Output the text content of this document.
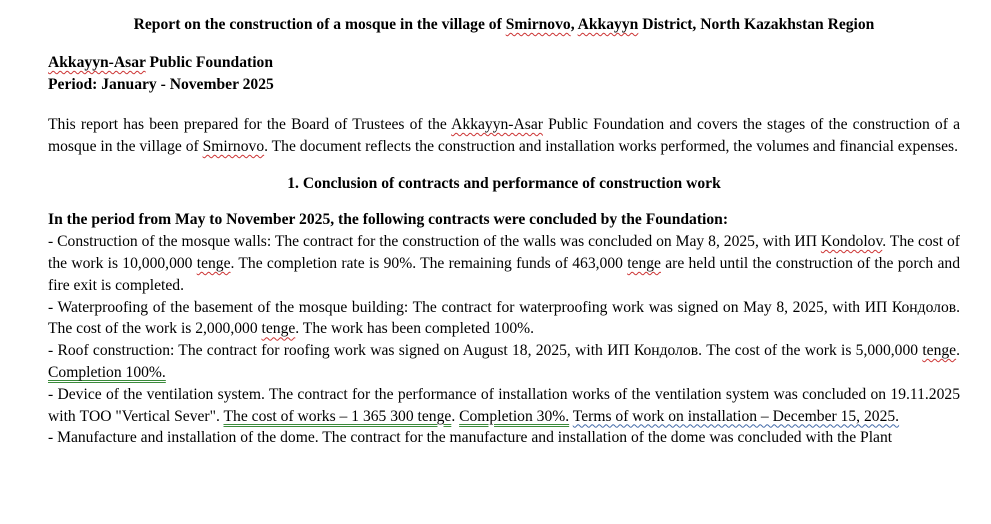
Report on the construction of a mosque in the village of Smirnovo, Akkayyn District, North Kazakhstan Region

Akkayyn-Asar Public Foundation
Period: January - November 2025

This report has been prepared for the Board of Trustees of the Akkayyn-Asar Public Foundation and covers the stages of the construction of a mosque in the village of Smirnovo. The document reflects the construction and installation works performed, the volumes and financial expenses.

1. Conclusion of contracts and performance of construction work

In the period from May to November 2025, the following contracts were concluded by the Foundation:

- Construction of the mosque walls: The contract for the construction of the walls was concluded on May 8, 2025, with ИП Kondolov. The cost of the work is 10,000,000 tenge. The completion rate is 90%. The remaining funds of 463,000 tenge are held until the construction of the porch and fire exit is completed.

- Waterproofing of the basement of the mosque building: The contract for waterproofing work was signed on May 8, 2025, with ИП Кондолов. The cost of the work is 2,000,000 tenge. The work has been completed 100%.

- Roof construction: The contract for roofing work was signed on August 18, 2025, with ИП Кондолов. The cost of the work is 5,000,000 tenge. Completion 100%.

- Device of the ventilation system. The contract for the performance of installation works of the ventilation system was concluded on 19.11.2025 with ТОО "Vertical Sever". The cost of works – 1 365 300 tenge. Completion 30%. Terms of work on installation – December 15, 2025.

- Manufacture and installation of the dome. The contract for the manufacture and installation of the dome was concluded with the Plant
